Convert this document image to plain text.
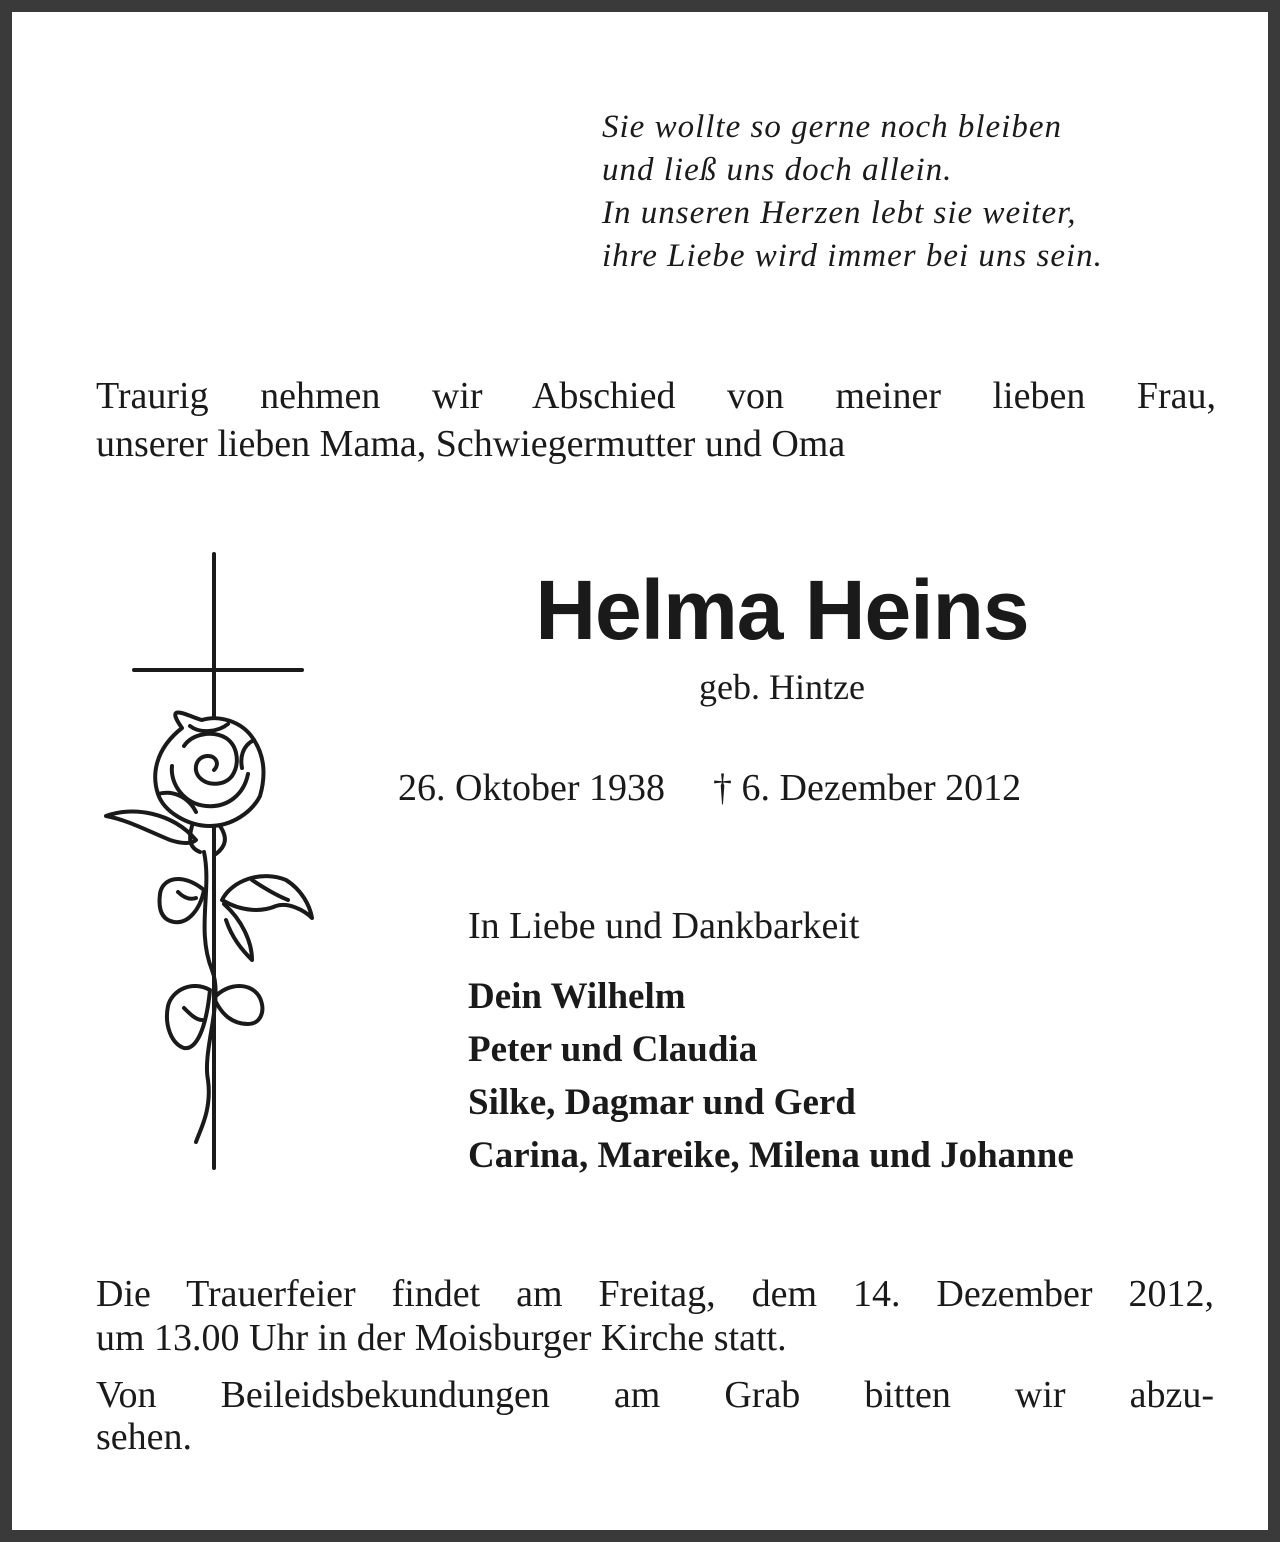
Sie wollte so gerne noch bleiben
und ließ uns doch allein.
In unseren Herzen lebt sie weiter,
ihre Liebe wird immer bei uns sein.
Traurig nehmen wir Abschied von meiner lieben Frau,
unserer lieben Mama, Schwiegermutter und Oma
Helma Heins
geb. Hintze
26. Oktober 1938 † 6. Dezember 2012
In Liebe und Dankbarkeit
Dein Wilhelm
Peter und Claudia
Silke, Dagmar und Gerd
Carina, Mareike, Milena und Johanne
Die Trauerfeier findet am Freitag, dem 14. Dezember 2012,
um 13.00 Uhr in der Moisburger Kirche statt.
Von Beileidsbekundungen am Grab bitten wir abzu-
sehen.
